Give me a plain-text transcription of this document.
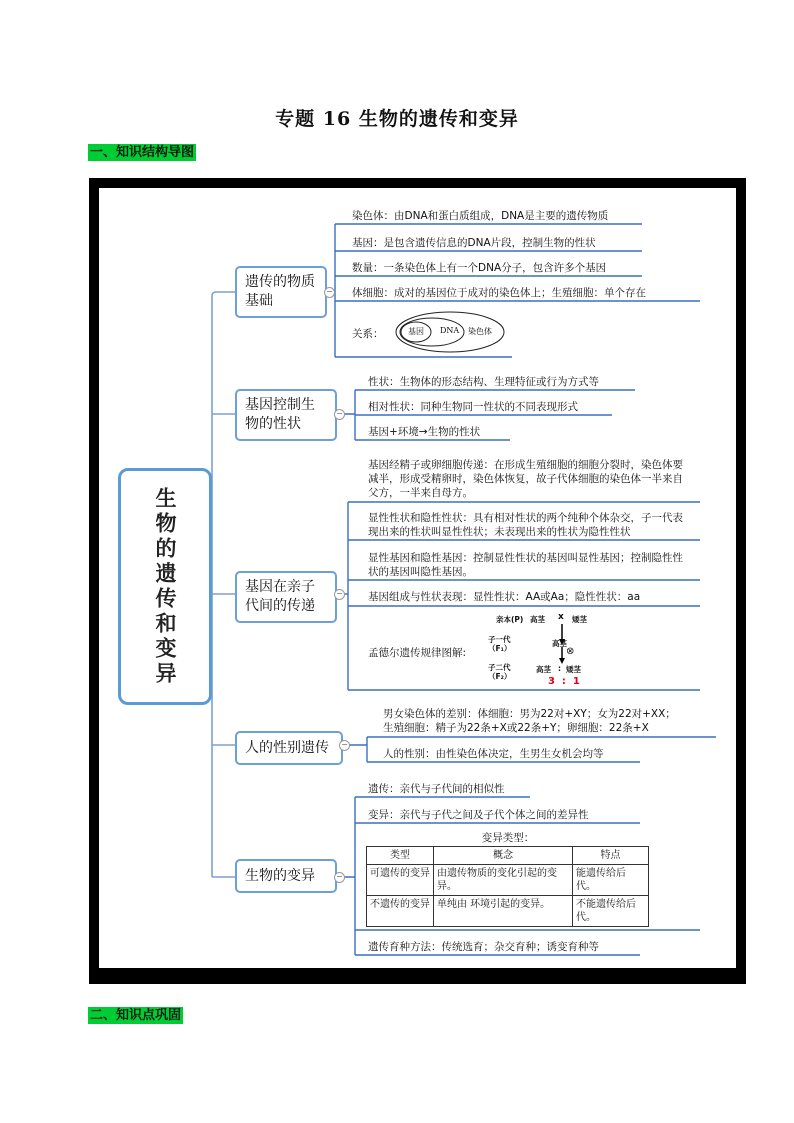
专题 16 生物的遗传和变异
一、知识结构导图
生物的遗传和变异
遗传的物质基础
−
基因控制生物的性状
−
基因在亲子代间的传递
−
人的性别遗传 −
生物的变异	−
染色体：由DNA和蛋白质组成，DNA是主要的遗传物质
基因：是包含遗传信息的DNA片段，控制生物的性状
数量：一条染色体上有一个DNA分子，包含许多个基因
体细胞：成对的基因位于成对的染色体上；生殖细胞：单个存在
关系：	基因 DNA 染色体
性状：生物体的形态结构、生理特征或行为方式等
相对性状：同种生物同一性状的不同表现形式
基因+环境→生物的性状
基因经精子或卵细胞传递：在形成生殖细胞的细胞分裂时，染色体要减半，形成受精卵时，染色体恢复，故子代体细胞的染色体一半来自父方，一半来自母方。
显性性状和隐性性状：具有相对性状的两个纯种个体杂交，子一代表现出来的性状叫显性性状；未表现出来的性状为隐性性状
显性基因和隐性基因：控制显性性状的基因叫显性基因；控制隐性性状的基因叫隐性基因。
基因组成与性状表现：显性性状：AA或Aa；隐性性状：aa
孟德尔遗传规律图解:
亲本(P) 高茎 x 矮茎
子一代
（F₁）
高茎
⊗
子二代
（F₂）
高茎 : 矮茎
3  :  1
男女染色体的差别：体细胞：男为22对+XY；女为22对+XX；
生殖细胞：精子为22条+X或22条+Y；卵细胞：22条+X
人的性别：由性染色体决定，生男生女机会均等
遗传：亲代与子代间的相似性
变异：亲代与子代之间及子代个体之间的差异性
遗传育种方法：传统选育；杂交育种；诱变育种等
变异类型：
类型	概念	特点
可遗传的变异	由遗传物质的变化引起的变异。	能遗传给后代。
不遗传的变异	单纯由 环境引起的变异。	不能遗传给后代。
二、知识点巩固
